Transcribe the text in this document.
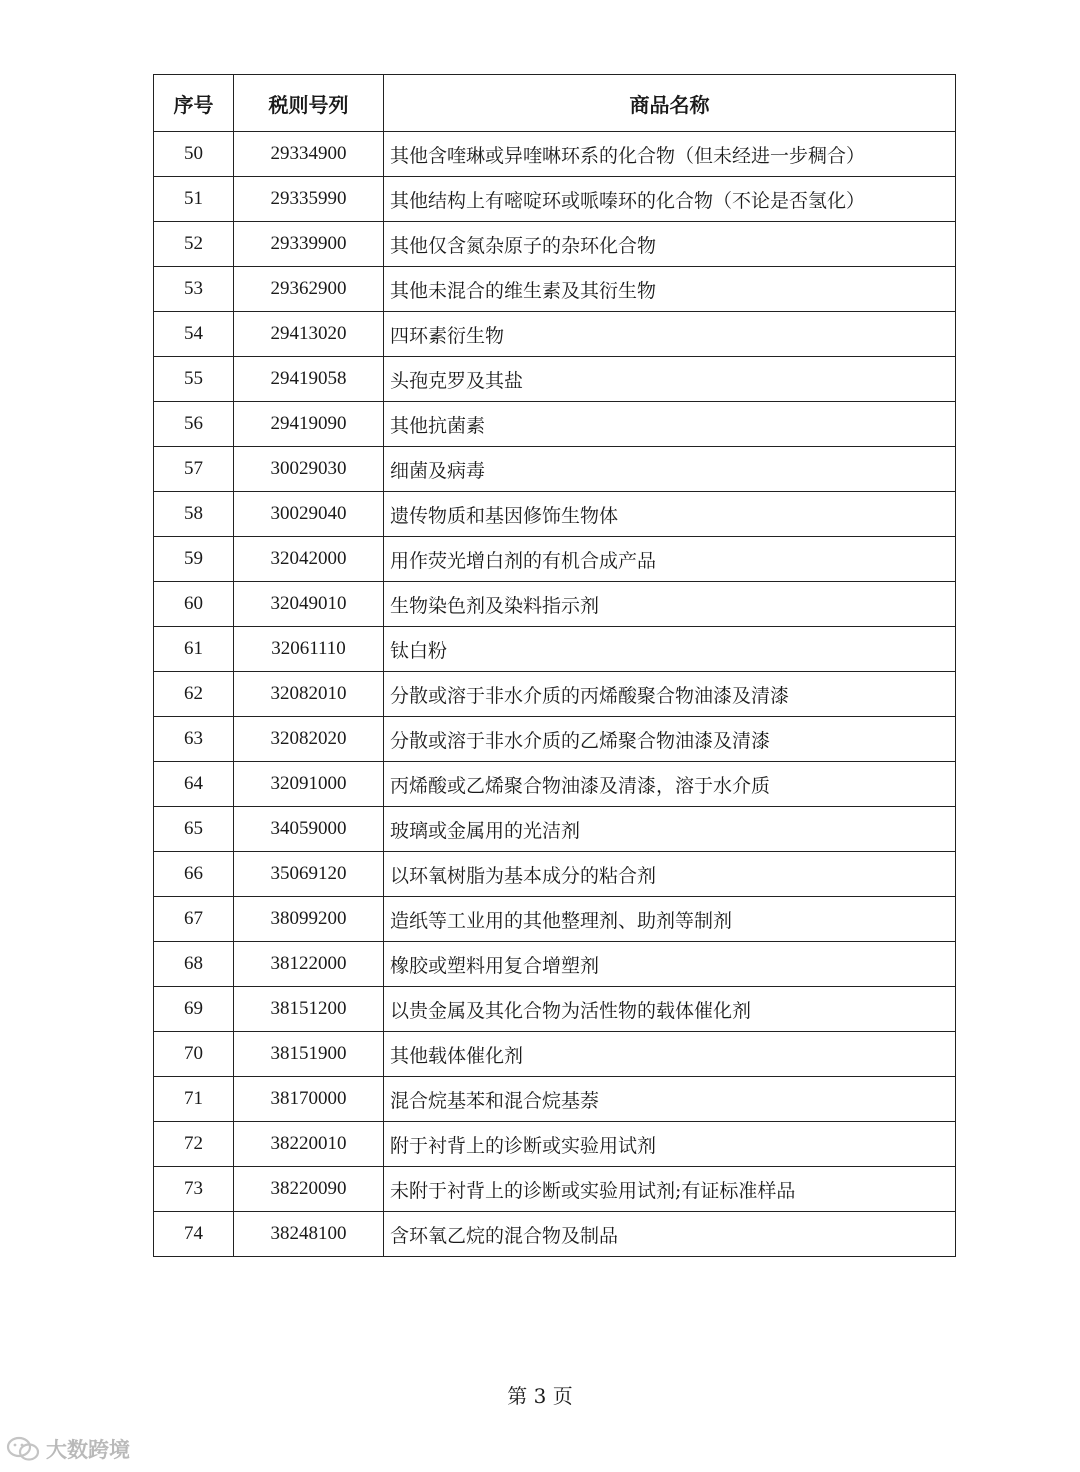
序号	税则号列	商品名称
50	29334900	其他含喹琳或异喹啉环系的化合物（但未经进一步稠合）
51	29335990	其他结构上有嘧啶环或哌嗪环的化合物（不论是否氢化）
52	29339900	其他仅含氮杂原子的杂环化合物
53	29362900	其他未混合的维生素及其衍生物
54	29413020	四环素衍生物
55	29419058	头孢克罗及其盐
56	29419090	其他抗菌素
57	30029030	细菌及病毒
58	30029040	遗传物质和基因修饰生物体
59	32042000	用作荧光增白剂的有机合成产品
60	32049010	生物染色剂及染料指示剂
61	32061110	钛白粉
62	32082010	分散或溶于非水介质的丙烯酸聚合物油漆及清漆
63	32082020	分散或溶于非水介质的乙烯聚合物油漆及清漆
64	32091000	丙烯酸或乙烯聚合物油漆及清漆，溶于水介质
65	34059000	玻璃或金属用的光洁剂
66	35069120	以环氧树脂为基本成分的粘合剂
67	38099200	造纸等工业用的其他整理剂、助剂等制剂
68	38122000	橡胶或塑料用复合增塑剂
69	38151200	以贵金属及其化合物为活性物的载体催化剂
70	38151900	其他载体催化剂
71	38170000	混合烷基苯和混合烷基萘
72	38220010	附于衬背上的诊断或实验用试剂
73	38220090	未附于衬背上的诊断或实验用试剂;有证标准样品
74	38248100	含环氧乙烷的混合物及制品
第 3 页
大数跨境
